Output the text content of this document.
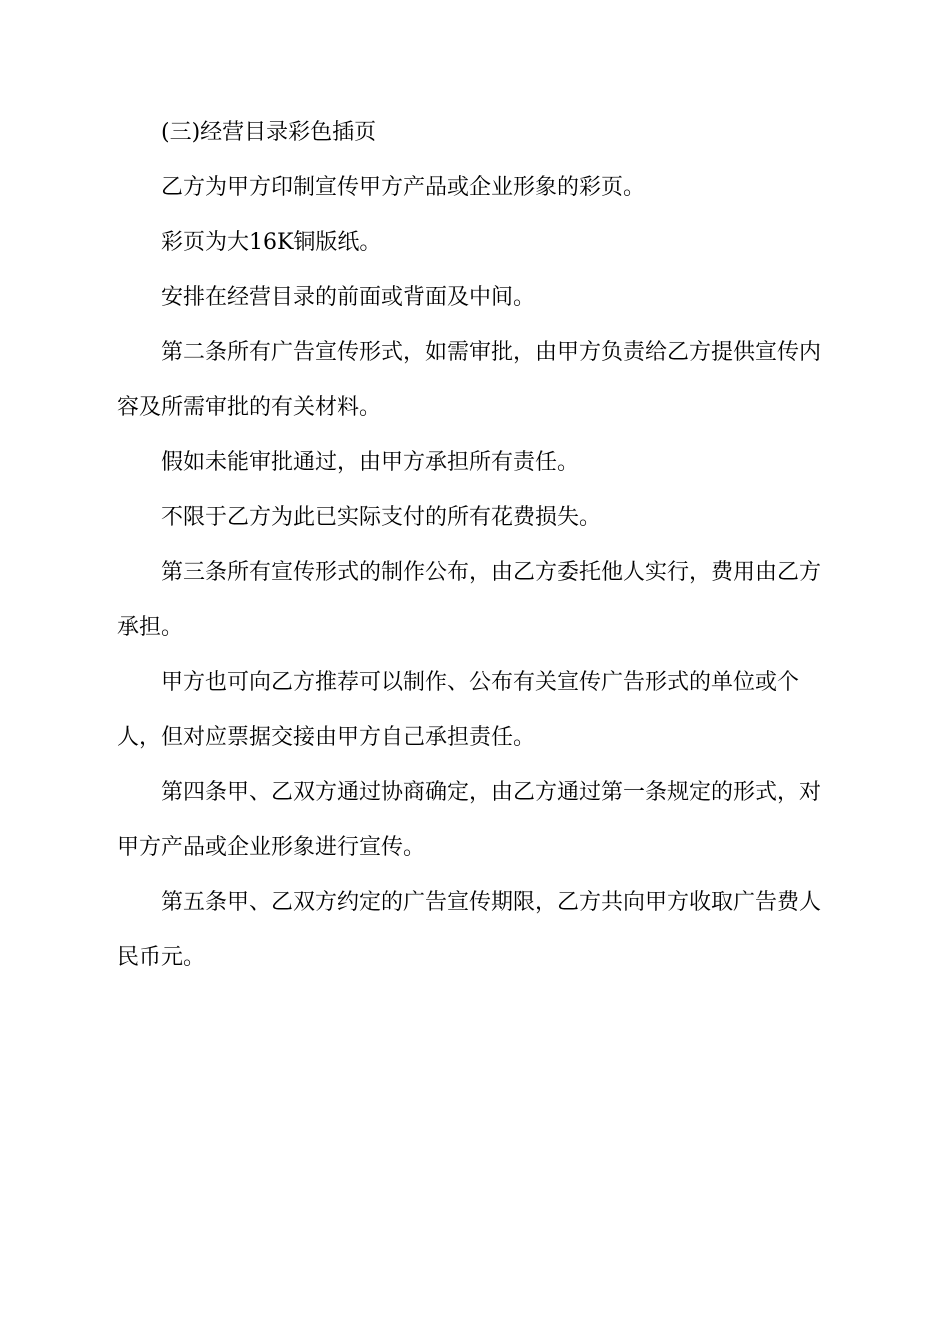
(三)经营目录彩色插页

乙方为甲方印制宣传甲方产品或企业形象的彩页。

彩页为大16K铜版纸。

安排在经营目录的前面或背面及中间。

第二条所有广告宣传形式，如需审批，由甲方负责给乙方提供宣传内容及所需审批的有关材料。

假如未能审批通过，由甲方承担所有责任。

不限于乙方为此已实际支付的所有花费损失。

第三条所有宣传形式的制作公布，由乙方委托他人实行，费用由乙方承担。

甲方也可向乙方推荐可以制作、公布有关宣传广告形式的单位或个人，但对应票据交接由甲方自己承担责任。

第四条甲、乙双方通过协商确定，由乙方通过第一条规定的形式，对甲方产品或企业形象进行宣传。

第五条甲、乙双方约定的广告宣传期限，乙方共向甲方收取广告费人民币元。
